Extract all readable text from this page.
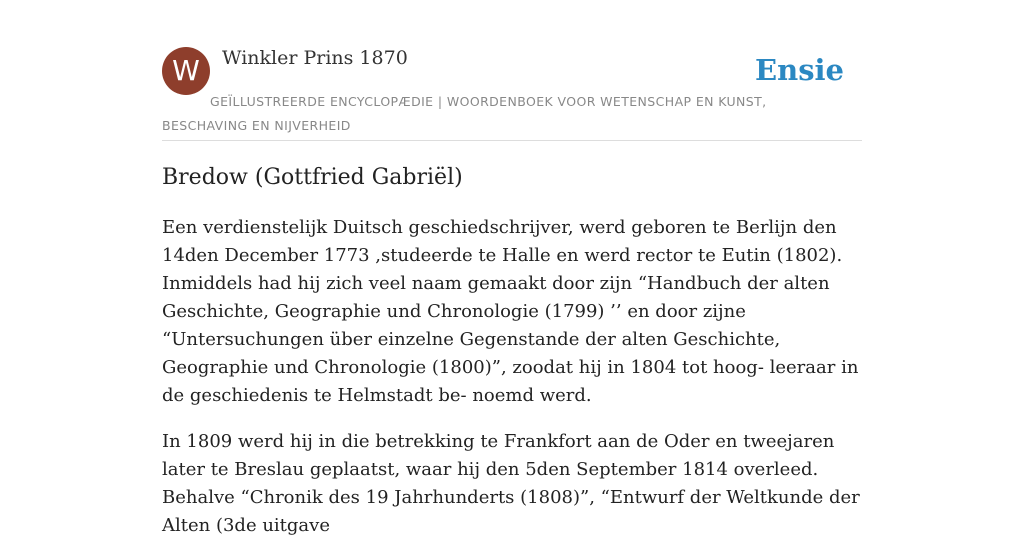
W	Winkler Prins 1870	Ensie
GEÏLLUSTREERDE ENCYCLOPÆDIE | WOORDENBOEK VOOR WETENSCHAP EN KUNST, BESCHAVING EN NIJVERHEID
Bredow (Gottfried Gabriël)

Een verdienstelijk Duitsch geschiedschrijver, werd geboren te Berlijn den 14den December 1773 ,studeerde te Halle en werd rector te Eutin (1802). Inmiddels had hij zich veel naam gemaakt door zijn “Handbuch der alten Geschichte, Geographie und Chronologie (1799) ’’ en door zijne “Untersuchungen über einzelne Gegenstande der alten Geschichte, Geographie und Chronologie (1800)”, zoodat hij in 1804 tot hoog- leeraar in de geschiedenis te Helmstadt be- noemd werd.

In 1809 werd hij in die betrekking te Frankfort aan de Oder en tweejaren later te Breslau geplaatst, waar hij den 5den September 1814 overleed. Behalve “Chronik des 19 Jahrhunderts (1808)”, “Entwurf der Weltkunde der Alten (3de uitgave
